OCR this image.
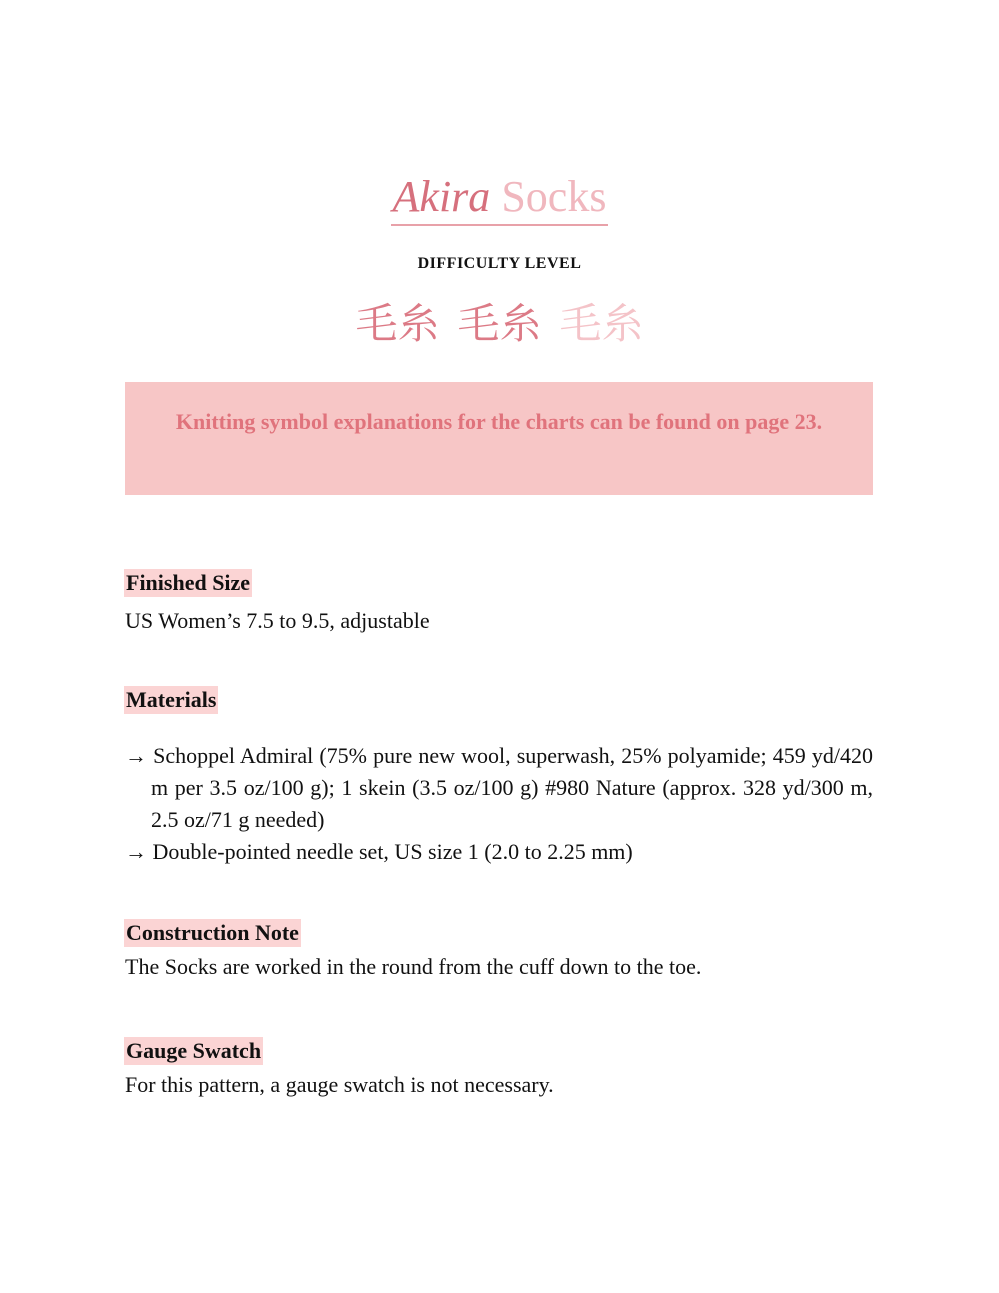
Akira Socks
DIFFICULTY LEVEL
毛糸 毛糸 毛糸
Knitting symbol explanations for the charts can be found on page 23.
Finished Size

US Women’s 7.5 to 9.5, adjustable

Materials
→ Schoppel Admiral (75% pure new wool, superwash, 25% polyamide; 459 yd/420 m per 3.5 oz/100 g); 1 skein (3.5 oz/100 g) #980 Nature (approx. 328 yd/300 m, 2.5 oz/71 g needed)
→ Double-pointed needle set, US size 1 (2.0 to 2.25 mm)
Construction Note

The Socks are worked in the round from the cuff down to the toe.

Gauge Swatch

For this pattern, a gauge swatch is not necessary.
